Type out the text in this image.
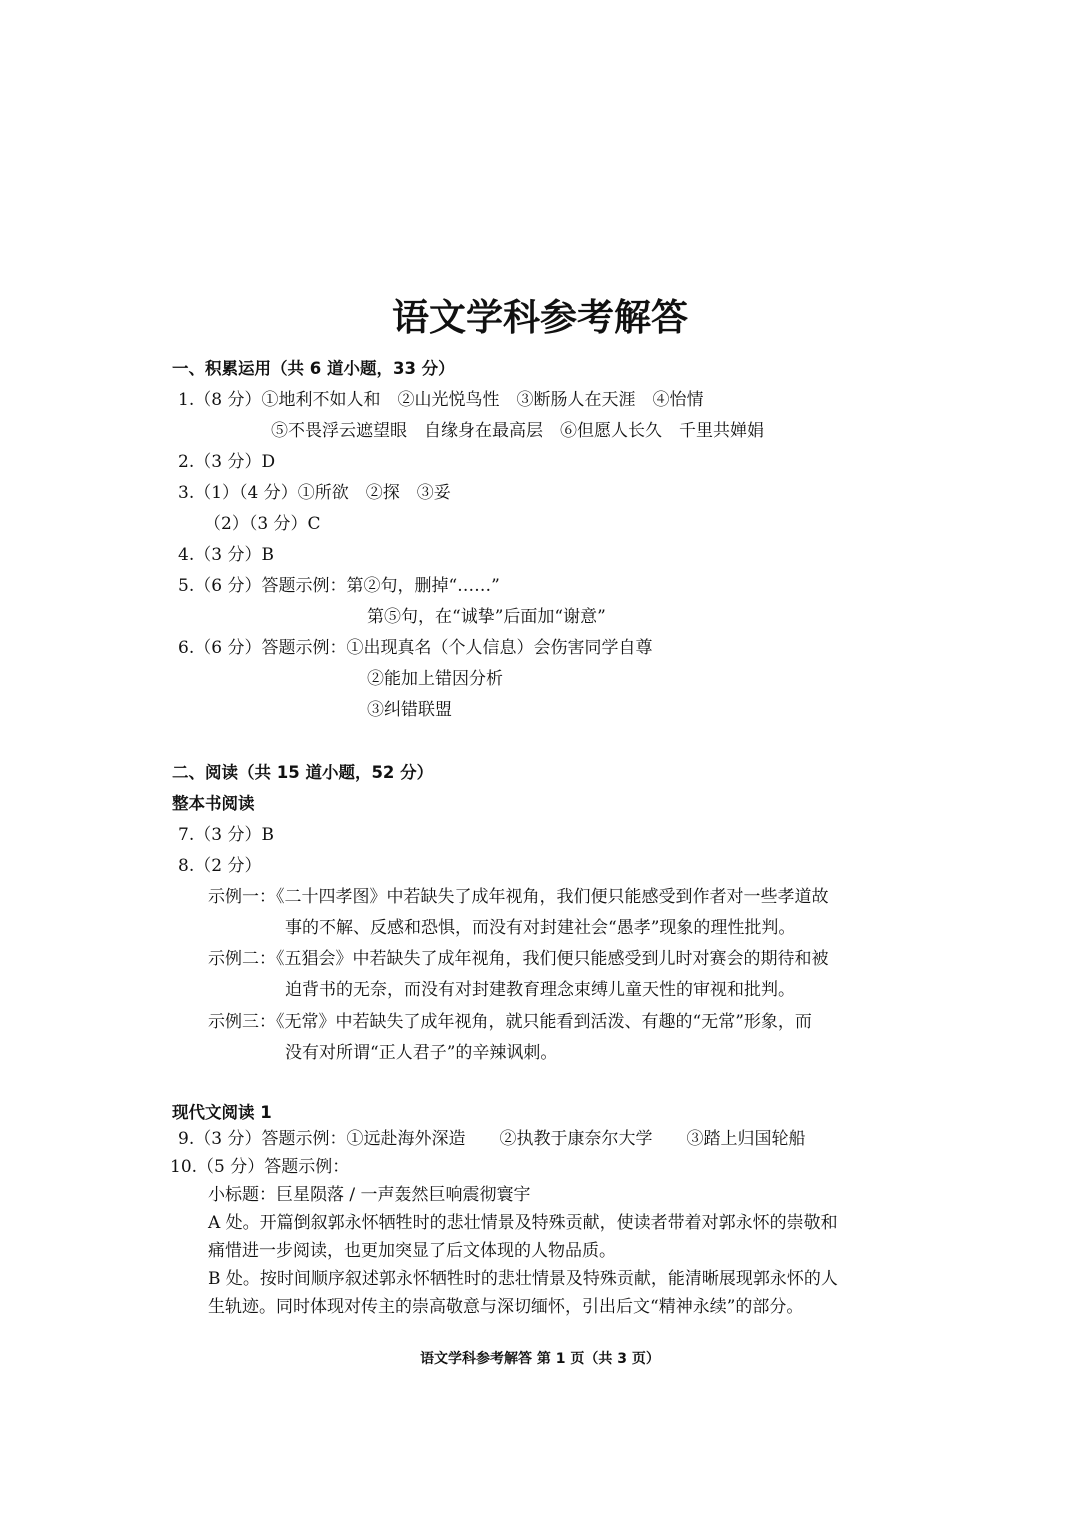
语文学科参考解答
一、积累运用（共 6 道小题，33 分）
1.（8 分）①地利不如人和　②山光悦鸟性　③断肠人在天涯　④怡情
⑤不畏浮云遮望眼　自缘身在最高层　⑥但愿人长久　千里共婵娟
2.（3 分）D
3.（1）（4 分）①所欲　②探　③妥
（2）（3 分）C
4.（3 分）B
5.（6 分）答题示例：第②句，删掉“……”
第⑤句，在“诚挚”后面加“谢意”
6.（6 分）答题示例：①出现真名（个人信息）会伤害同学自尊
②能加上错因分析
③纠错联盟
二、阅读（共 15 道小题，52 分）
整本书阅读
7.（3 分）B
8.（2 分）
示例一：《二十四孝图》中若缺失了成年视角，我们便只能感受到作者对一些孝道故
事的不解、反感和恐惧，而没有对封建社会“愚孝”现象的理性批判。
示例二：《五猖会》中若缺失了成年视角，我们便只能感受到儿时对赛会的期待和被
迫背书的无奈，而没有对封建教育理念束缚儿童天性的审视和批判。
示例三：《无常》中若缺失了成年视角，就只能看到活泼、有趣的“无常”形象，而
没有对所谓“正人君子”的辛辣讽刺。
现代文阅读 1
9.（3 分）答题示例：①远赴海外深造　　②执教于康奈尔大学　　③踏上归国轮船
10.（5 分）答题示例：
小标题：巨星陨落 / 一声轰然巨响震彻寰宇
A 处。开篇倒叙郭永怀牺牲时的悲壮情景及特殊贡献，使读者带着对郭永怀的崇敬和
痛惜进一步阅读，也更加突显了后文体现的人物品质。
B 处。按时间顺序叙述郭永怀牺牲时的悲壮情景及特殊贡献，能清晰展现郭永怀的人
生轨迹。同时体现对传主的崇高敬意与深切缅怀，引出后文“精神永续”的部分。
语文学科参考解答 第 1 页（共 3 页）
